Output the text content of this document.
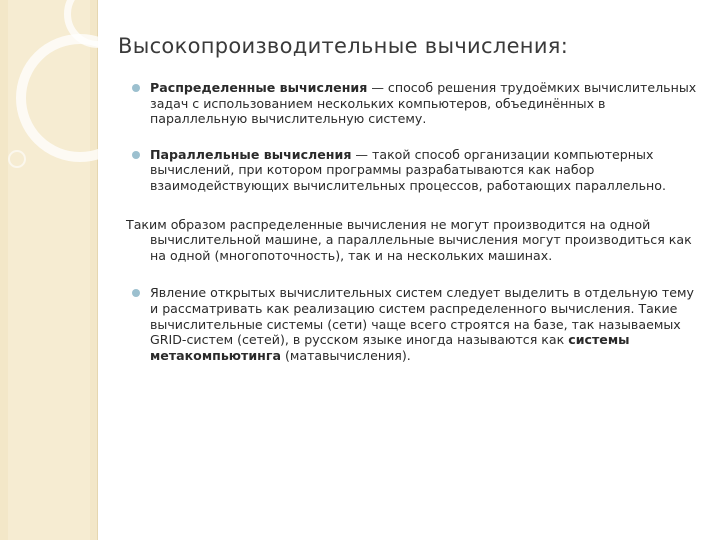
Высокопроизводительные вычисления:
Распределенные вычисления — способ решения трудоёмких вычислительных задач с использованием нескольких компьютеров, объединённых в параллельную вычислительную систему.
Параллельные вычисления — такой способ организации компьютерных вычислений, при котором программы разрабатываются как набор взаимодействующих вычислительных процессов, работающих параллельно.
Таким образом распределенные вычисления не могут производится на одной вычислительной машине, а параллельные вычисления могут производиться как на одной (многопоточность), так и на нескольких машинах.
Явление открытых вычислительных систем следует выделить в отдельную тему и рассматривать как реализацию систем распределенного вычисления. Такие вычислительные системы (сети) чаще всего строятся на базе, так называемых GRID-систем (сетей), в русском языке иногда называются как системы метакомпьютинга (матавычисления).
